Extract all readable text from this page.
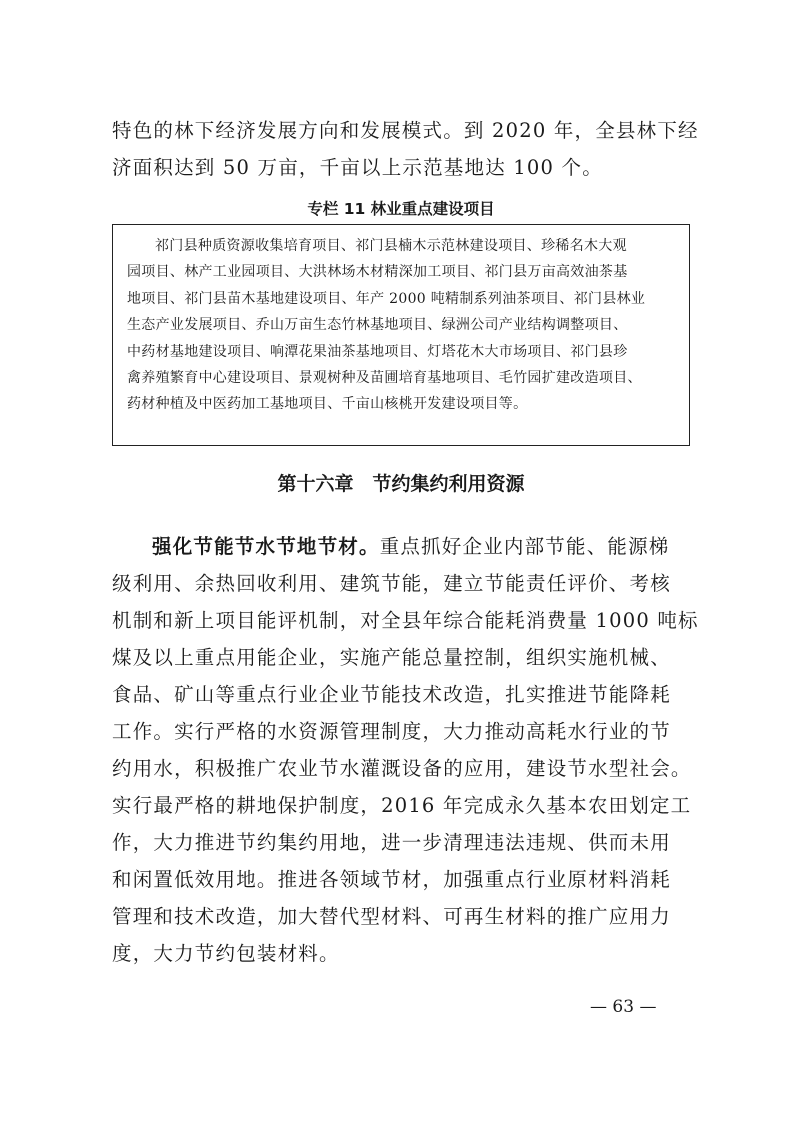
特色的林下经济发展方向和发展模式。到 2020 年，全县林下经
济面积达到 50 万亩，千亩以上示范基地达 100 个。
专栏 11 林业重点建设项目
祁门县种质资源收集培育项目、祁门县楠木示范林建设项目、珍稀名木大观
园项目、林产工业园项目、大洪林场木材精深加工项目、祁门县万亩高效油茶基
地项目、祁门县苗木基地建设项目、年产 2000 吨精制系列油茶项目、祁门县林业
生态产业发展项目、乔山万亩生态竹林基地项目、绿洲公司产业结构调整项目、
中药材基地建设项目、响潭花果油茶基地项目、灯塔花木大市场项目、祁门县珍
禽养殖繁育中心建设项目、景观树种及苗圃培育基地项目、毛竹园扩建改造项目、
药材种植及中医药加工基地项目、千亩山核桃开发建设项目等。
第十六章　节约集约利用资源
强化节能节水节地节材。重点抓好企业内部节能、能源梯
级利用、余热回收利用、建筑节能，建立节能责任评价、考核
机制和新上项目能评机制，对全县年综合能耗消费量 1000 吨标
煤及以上重点用能企业，实施产能总量控制，组织实施机械、
食品、矿山等重点行业企业节能技术改造，扎实推进节能降耗
工作。实行严格的水资源管理制度，大力推动高耗水行业的节
约用水，积极推广农业节水灌溉设备的应用，建设节水型社会。
实行最严格的耕地保护制度，2016 年完成永久基本农田划定工
作，大力推进节约集约用地，进一步清理违法违规、供而未用
和闲置低效用地。推进各领域节材，加强重点行业原材料消耗
管理和技术改造，加大替代型材料、可再生材料的推广应用力
度，大力节约包装材料。
— 63 —
